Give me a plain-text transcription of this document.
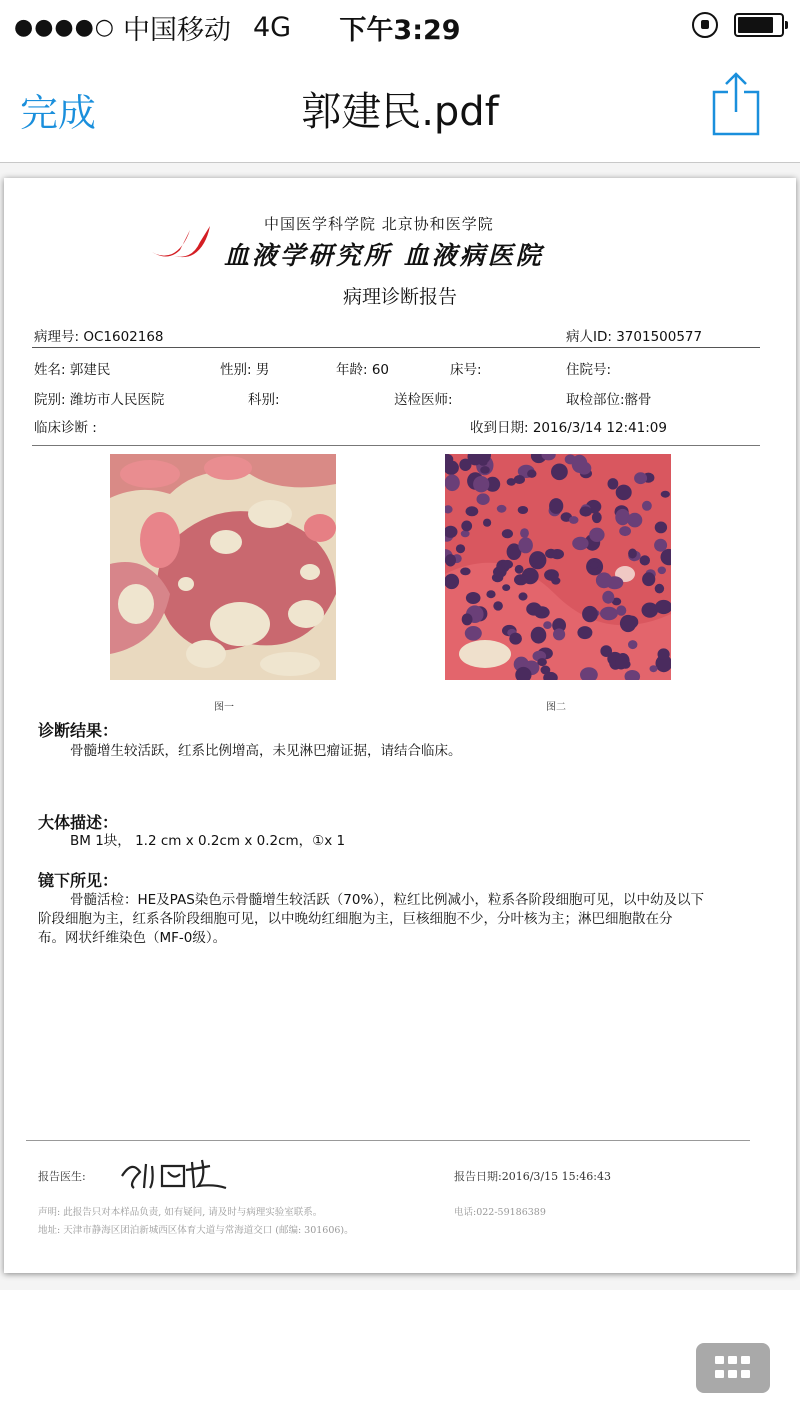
●●●●○ 中国移动 4G	下午3:29
完成	郭建民.pdf
中国医学科学院 北京协和医学院
血液学研究所 血液病医院
病理诊断报告
病理号: OC1602168	病人ID: 3701500577
姓名: 郭建民	性别: 男	年龄: 60	床号:	住院号:
院别: 潍坊市人民医院	科别:	送检医师:	取检部位:髂骨
临床诊断 :	收到日期: 2016/3/14 12:41:09
图一	图二
诊断结果：
骨髓增生较活跃，红系比例增高，未见淋巴瘤证据，请结合临床。
大体描述：
BM 1块， 1.2 cm x 0.2cm x 0.2cm，①x 1
镜下所见：
骨髓活检：HE及PAS染色示骨髓增生较活跃（70%），粒红比例减小，粒系各阶段细胞可见，以中幼及以下
阶段细胞为主，红系各阶段细胞可见，以中晚幼红细胞为主，巨核细胞不少，分叶核为主；淋巴细胞散在分
布。网状纤维染色（MF-0级）。
报告医生:	报告日期:2016/3/15 15:46:43
声明: 此报告只对本样品负责, 如有疑问, 请及时与病理实验室联系。	电话:022-59186389
地址: 天津市静海区团泊新城西区体育大道与常海道交口 (邮编: 301606)。
